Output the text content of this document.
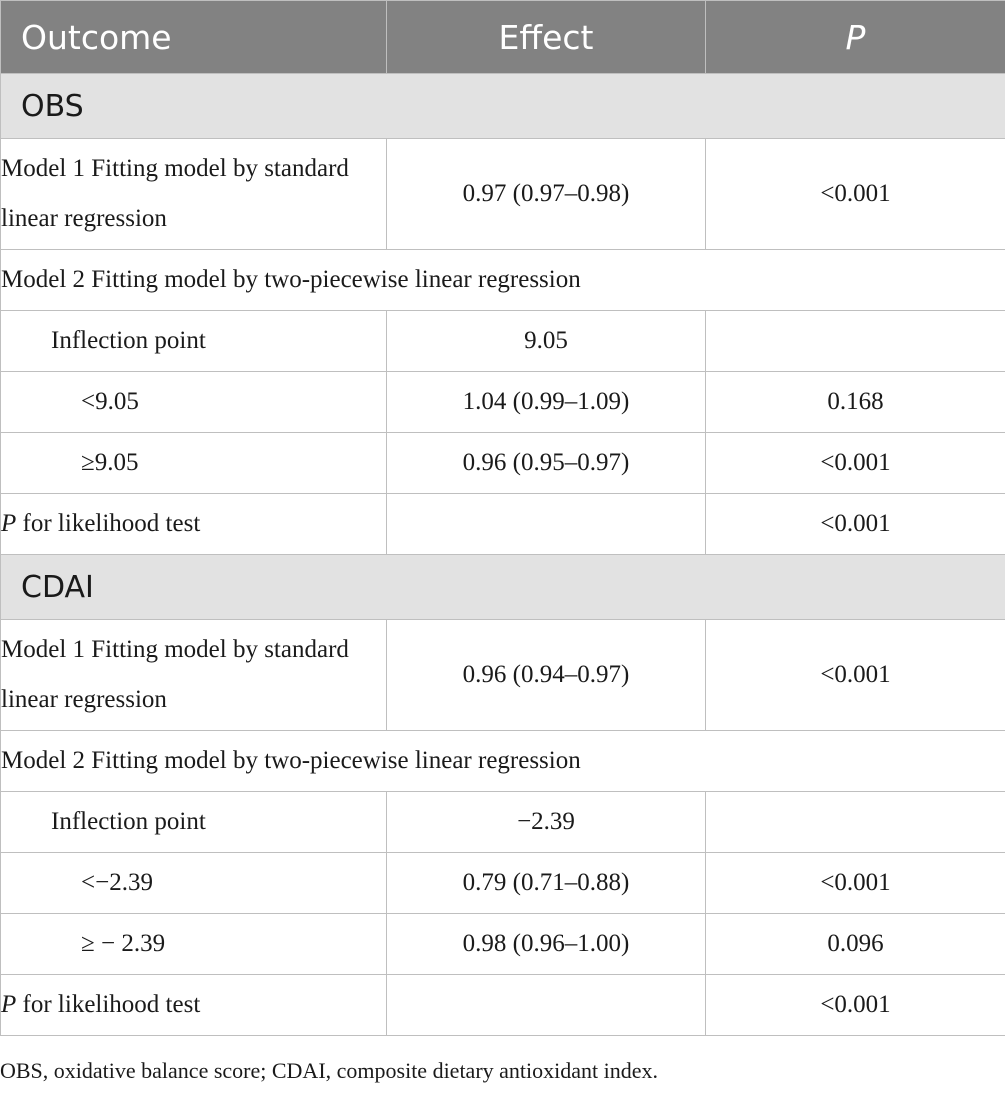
Outcome	Effect	P
OBS		
Model 1 Fitting model by standard linear regression	0.97 (0.97–0.98)	<0.001
Model 2 Fitting model by two-piecewise linear regression		
Inflection point	9.05	
<9.05	1.04 (0.99–1.09)	0.168
≥9.05	0.96 (0.95–0.97)	<0.001
P for likelihood test		<0.001
CDAI		
Model 1 Fitting model by standard linear regression	0.96 (0.94–0.97)	<0.001
Model 2 Fitting model by two-piecewise linear regression		
Inflection point	−2.39	
<−2.39	0.79 (0.71–0.88)	<0.001
≥ − 2.39	0.98 (0.96–1.00)	0.096
P for likelihood test		<0.001
OBS, oxidative balance score; CDAI, composite dietary antioxidant index.
